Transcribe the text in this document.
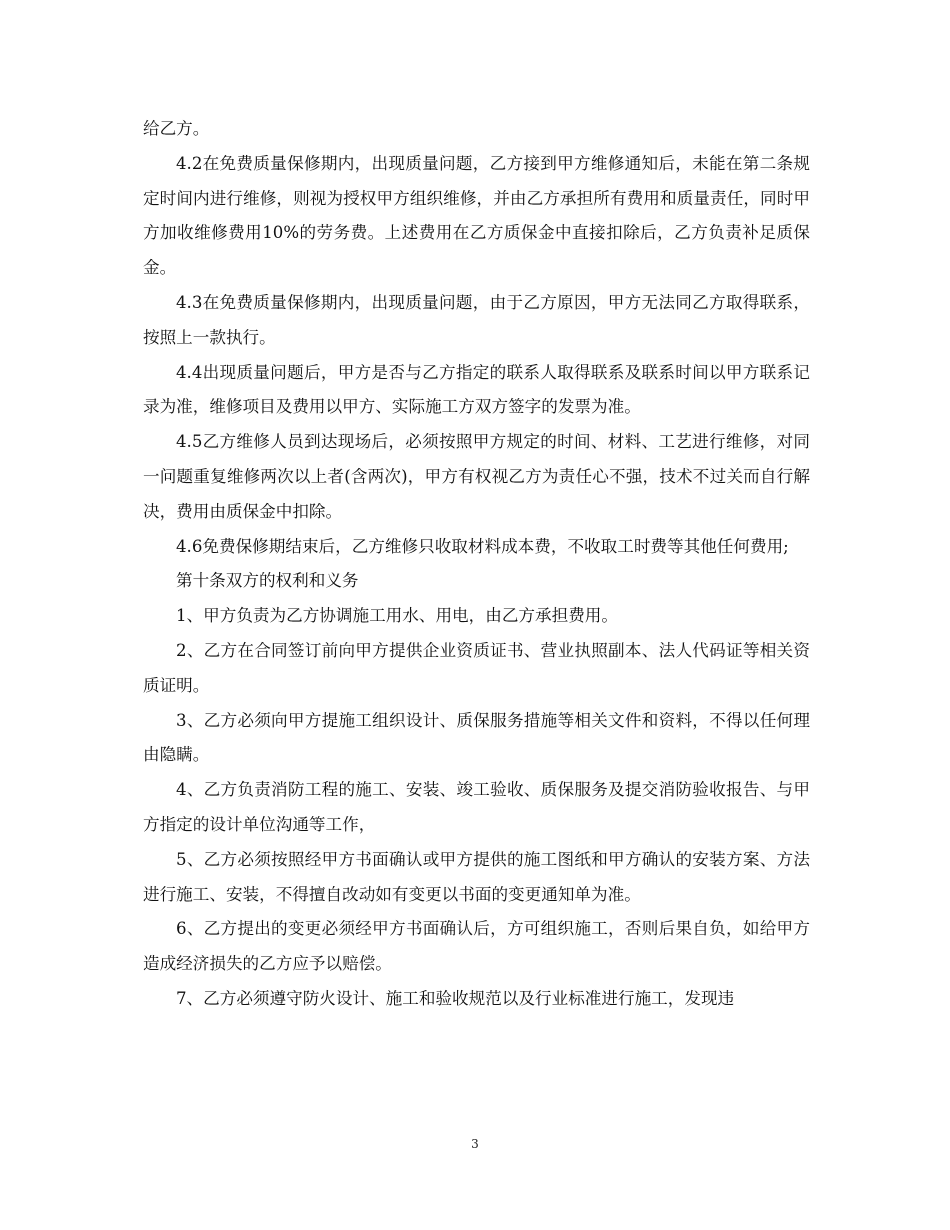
给乙方。

4.2在免费质量保修期内，出现质量问题，乙方接到甲方维修通知后，未能在第二条规定时间内进行维修，则视为授权甲方组织维修，并由乙方承担所有费用和质量责任，同时甲方加收维修费用10%的劳务费。上述费用在乙方质保金中直接扣除后，乙方负责补足质保金。

4.3在免费质量保修期内，出现质量问题，由于乙方原因，甲方无法同乙方取得联系，按照上一款执行。

4.4出现质量问题后，甲方是否与乙方指定的联系人取得联系及联系时间以甲方联系记录为准，维修项目及费用以甲方、实际施工方双方签字的发票为准。

4.5乙方维修人员到达现场后，必须按照甲方规定的时间、材料、工艺进行维修，对同一问题重复维修两次以上者(含两次)，甲方有权视乙方为责任心不强，技术不过关而自行解决，费用由质保金中扣除。

4.6免费保修期结束后，乙方维修只收取材料成本费，不收取工时费等其他任何费用;

第十条双方的权利和义务

1、甲方负责为乙方协调施工用水、用电，由乙方承担费用。

2、乙方在合同签订前向甲方提供企业资质证书、营业执照副本、法人代码证等相关资质证明。

3、乙方必须向甲方提施工组织设计、质保服务措施等相关文件和资料，不得以任何理由隐瞒。

4、乙方负责消防工程的施工、安装、竣工验收、质保服务及提交消防验收报告、与甲方指定的设计单位沟通等工作，

5、乙方必须按照经甲方书面确认或甲方提供的施工图纸和甲方确认的安装方案、方法进行施工、安装，不得擅自改动如有变更以书面的变更通知单为准。

6、乙方提出的变更必须经甲方书面确认后，方可组织施工，否则后果自负，如给甲方造成经济损失的乙方应予以赔偿。

7、乙方必须遵守防火设计、施工和验收规范以及行业标准进行施工，发现违

3
